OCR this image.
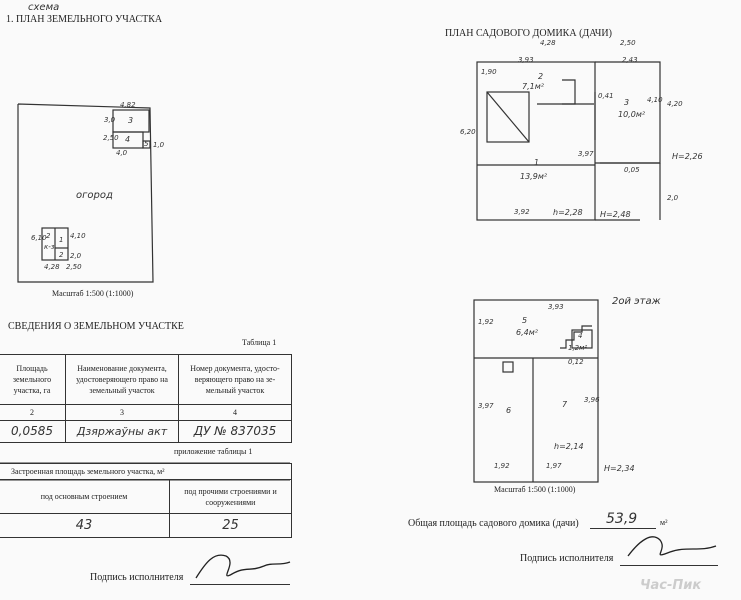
схема
1. ПЛАН ЗЕМЕЛЬНОГО УЧАСТКА
ПЛАН САДОВОГО ДОМИКА (ДАЧИ)
4,82
3,0
2,50
4,0
1,0
6,10	4,10
2,0
4,28 2,50
огород
3
4 5
2 1
2
к-з
Масштаб 1:500 (1:1000)
4,28	2,50
3,93	2,43
1,90
6,20
0,41	4,10 4,20
3,97
0,05
2,0
3,92
2
7,1м²
3
10,0м²
1
13,9м²
h=2,28 Н=2,48
Н=2,26
2ой этаж
3,93
1,92
3,97
3,96
0,12
1,92	1,97
5
6,4м²	4
1,2м²
6
7
h=2,14
Н=2,34
Масштаб 1:500 (1:1000)
СВЕДЕНИЯ О ЗЕМЕЛЬНОМ УЧАСТКЕ
Таблица 1
Площадь земельного участка, га	Наименование документа, удостоверяющего право на земельный участок	Номер документа, удосто-веряющего право на зе-мельный участок
2	3	4
0,0585	Дзяржаўны акт	ДУ № 837035
приложение таблицы 1
Застроенная площадь земельного участка, м²	
под основным строением	под прочими строениями и сооружениями
43	25	Общая площадь садового домика (дачи) 53,9	м²
Подпись исполнителя
Подпись исполнителя
Час-Пик
